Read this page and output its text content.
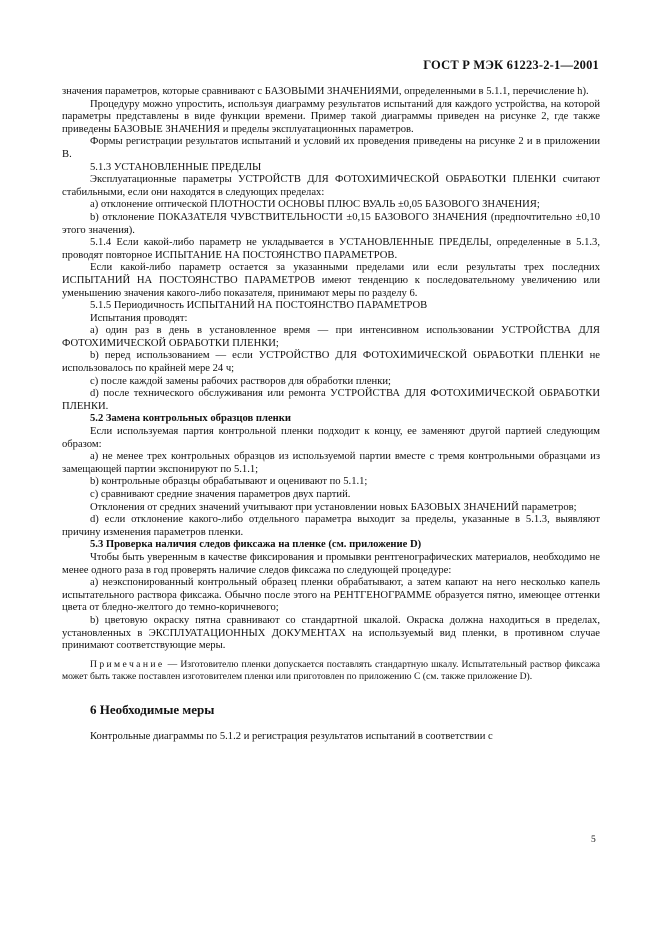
ГОСТ Р МЭК 61223-2-1—2001

значения параметров, которые сравнивают с БАЗОВЫМИ ЗНАЧЕНИЯМИ, определенными в 5.1.1, перечисление h).

Процедуру можно упростить, используя диаграмму результатов испытаний для каждого устройства, на которой параметры представлены в виде функции времени. Пример такой диаграммы приведен на рисунке 2, где также приведены БАЗОВЫЕ ЗНАЧЕНИЯ и пределы эксплуатационных параметров.

Формы регистрации результатов испытаний и условий их проведения приведены на рисунке 2 и в приложении В.

5.1.3 УСТАНОВЛЕННЫЕ ПРЕДЕЛЫ

Эксплуатационные параметры УСТРОЙСТВ ДЛЯ ФОТОХИМИЧЕСКОЙ ОБРАБОТКИ ПЛЕНКИ считают стабильными, если они находятся в следующих пределах:

a) отклонение оптической ПЛОТНОСТИ ОСНОВЫ ПЛЮС ВУАЛЬ ±0,05 БАЗОВОГО ЗНАЧЕНИЯ;

b) отклонение ПОКАЗАТЕЛЯ ЧУВСТВИТЕЛЬНОСТИ ±0,15 БАЗОВОГО ЗНАЧЕНИЯ (предпочтительно ±0,10 этого значения).

5.1.4 Если какой-либо параметр не укладывается в УСТАНОВЛЕННЫЕ ПРЕДЕЛЫ, определенные в 5.1.3, проводят повторное ИСПЫТАНИЕ НА ПОСТОЯНСТВО ПАРАМЕТРОВ.

Если какой-либо параметр остается за указанными пределами или если результаты трех последних ИСПЫТАНИЙ НА ПОСТОЯНСТВО ПАРАМЕТРОВ имеют тенденцию к последовательному увеличению или уменьшению значения какого-либо показателя, принимают меры по разделу 6.

5.1.5 Периодичность ИСПЫТАНИЙ НА ПОСТОЯНСТВО ПАРАМЕТРОВ

Испытания проводят:

a) один раз в день в установленное время — при интенсивном использовании УСТРОЙСТВА ДЛЯ ФОТОХИМИЧЕСКОЙ ОБРАБОТКИ ПЛЕНКИ;

b) перед использованием — если УСТРОЙСТВО ДЛЯ ФОТОХИМИЧЕСКОЙ ОБРАБОТКИ ПЛЕНКИ не использовалось по крайней мере 24 ч;

c) после каждой замены рабочих растворов для обработки пленки;

d) после технического обслуживания или ремонта УСТРОЙСТВА ДЛЯ ФОТОХИМИЧЕСКОЙ ОБРАБОТКИ ПЛЕНКИ.

5.2 Замена контрольных образцов пленки

Если используемая партия контрольной пленки подходит к концу, ее заменяют другой партией следующим образом:

a) не менее трех контрольных образцов из используемой партии вместе с тремя контрольными образцами из замещающей партии экспонируют по 5.1.1;

b) контрольные образцы обрабатывают и оценивают по 5.1.1;

c) сравнивают средние значения параметров двух партий.

Отклонения от средних значений учитывают при установлении новых БАЗОВЫХ ЗНАЧЕНИЙ параметров;

d) если отклонение какого-либо отдельного параметра выходит за пределы, указанные в 5.1.3, выявляют причину изменения параметров пленки.

5.3 Проверка наличия следов фиксажа на пленке (см. приложение D)

Чтобы быть уверенным в качестве фиксирования и промывки рентгенографических материалов, необходимо не менее одного раза в год проверять наличие следов фиксажа по следующей процедуре:

a) неэкспонированный контрольный образец пленки обрабатывают, а затем капают на него несколько капель испытательного раствора фиксажа. Обычно после этого на РЕНТГЕНОГРАММЕ образуется пятно, имеющее оттенки цвета от бледно-желтого до темно-коричневого;

b) цветовую окраску пятна сравнивают со стандартной шкалой. Окраска должна находиться в пределах, установленных в ЭКСПЛУАТАЦИОННЫХ ДОКУМЕНТАХ на используемый вид пленки, в противном случае принимают соответствующие меры.

Примечание — Изготовителю пленки допускается поставлять стандартную шкалу. Испытательный раствор фиксажа может быть также поставлен изготовителем пленки или приготовлен по приложению С (см. также приложение D).

6 Необходимые меры

Контрольные диаграммы по 5.1.2 и регистрация результатов испытаний в соответствии с

5
